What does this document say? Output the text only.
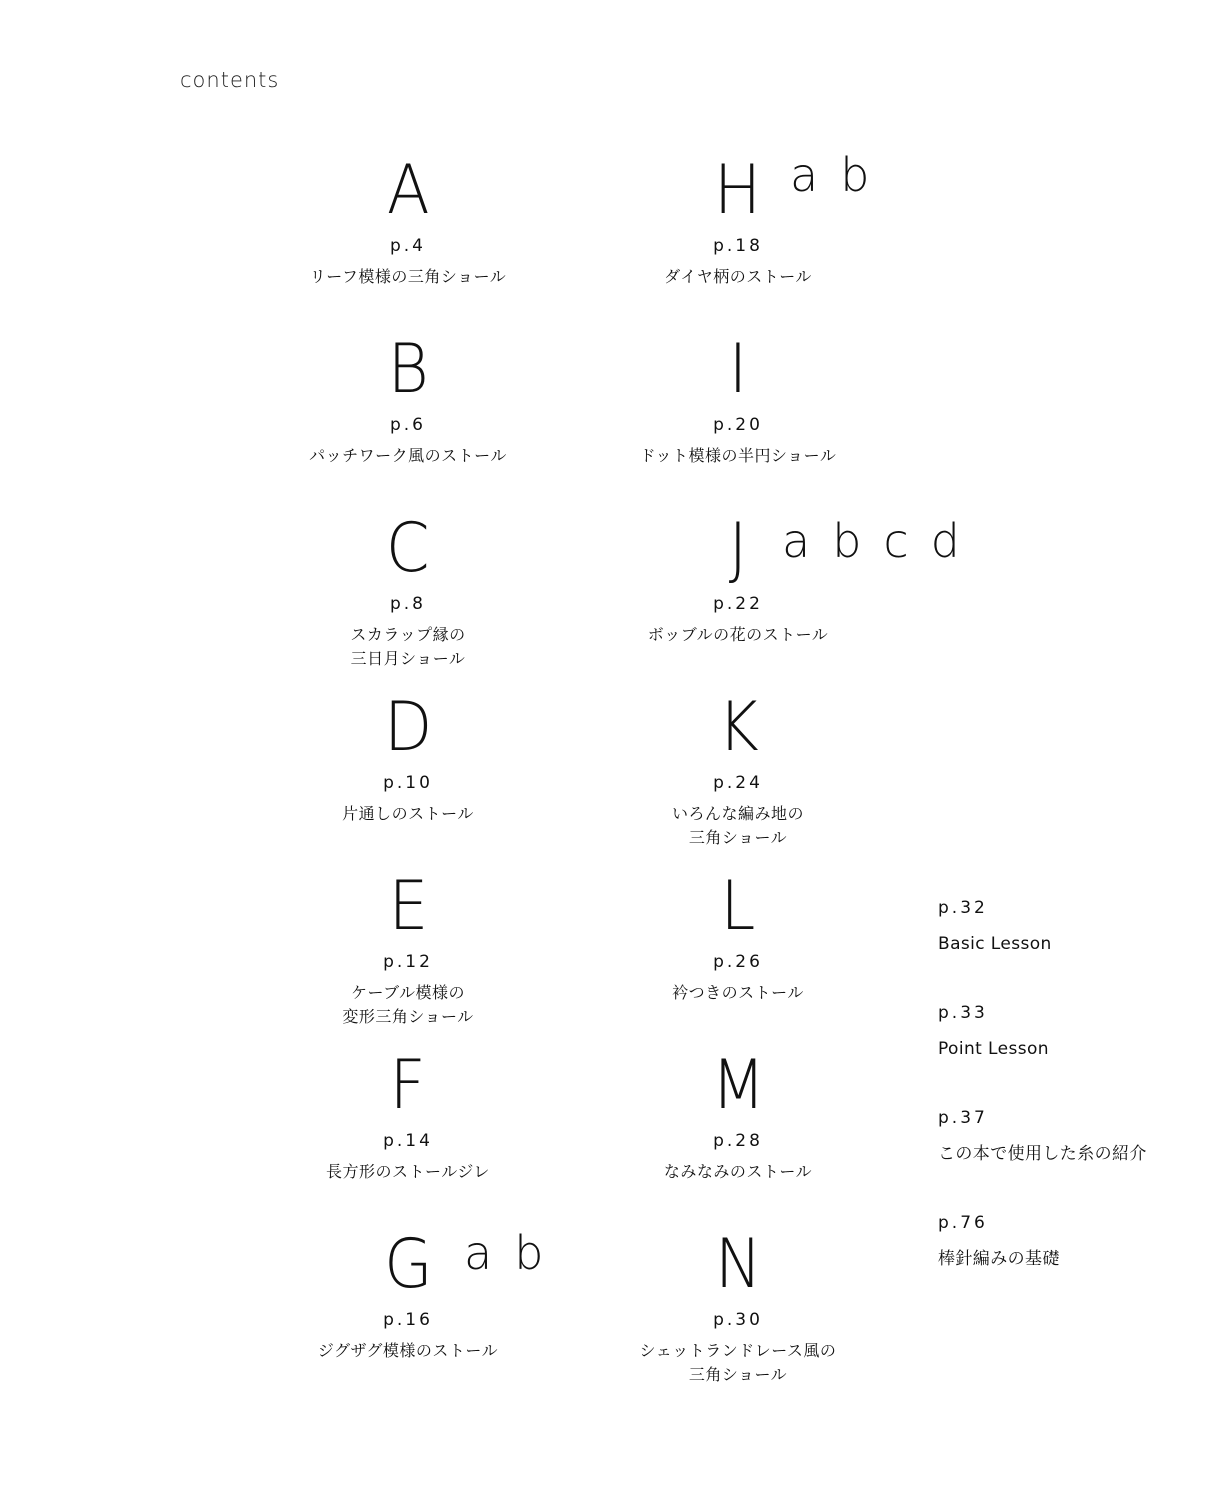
contents
A
p.4
リーフ模様の三角ショール
B
p.6
パッチワーク風のストール
C
p.8
スカラップ縁の
三日月ショール
D
p.10
片通しのストール
E
p.12
ケーブル模様の
変形三角ショール
F
p.14
長方形のストールジレ
G ab
p.16
ジグザグ模様のストール
H ab
p.18
ダイヤ柄のストール
I
p.20
ドット模様の半円ショール
J abcd
p.22
ボッブルの花のストール
K
p.24
いろんな編み地の
三角ショール
L
p.26
衿つきのストール
M
p.28
なみなみのストール
N
p.30
シェットランドレース風の
三角ショール
p.32
Basic Lesson
p.33
Point Lesson
p.37
この本で使用した糸の紹介
p.76
棒針編みの基礎
